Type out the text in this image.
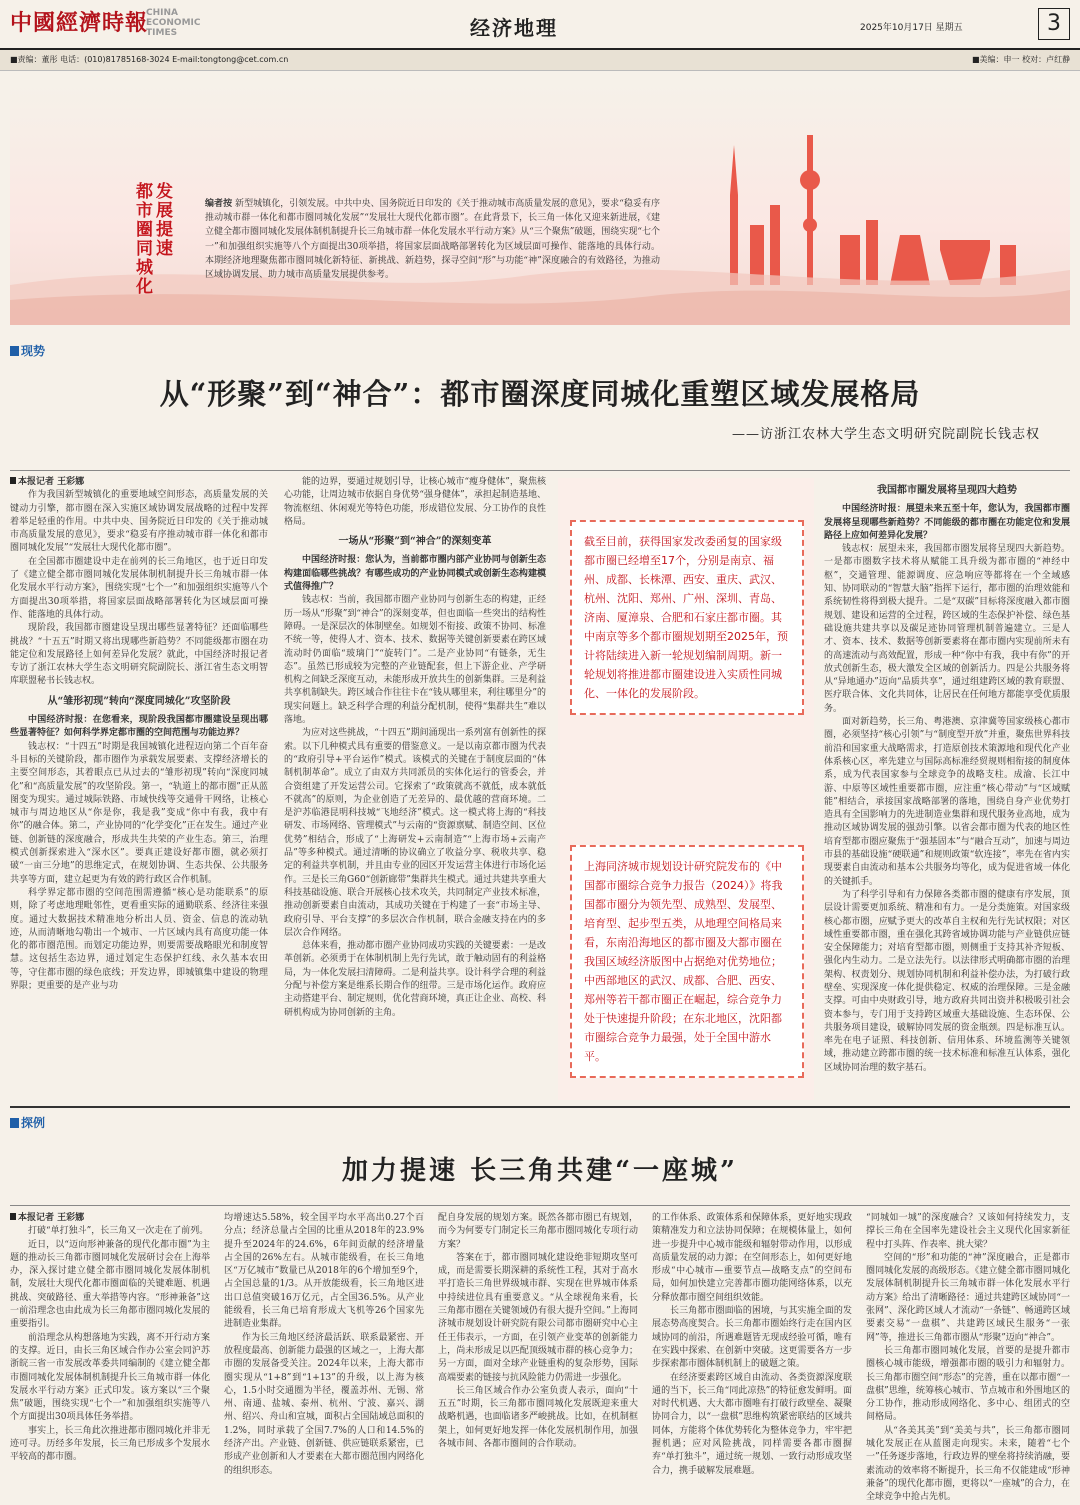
中國經濟時報
CHINA ECONOMIC TIMES	经济地理	2025年10月17日 星期五	3
■责编：董彤 电话：(010)81785168-3024 E-mail:tongtong@cet.com.cn	■美编：申一 校对：卢红静
发展提速
都市圈同城化	编者按 新型城镇化，引领发展。中共中央、国务院近日印发的《关于推动城市高质量发展的意见》，要求“稳妥有序推动城市群一体化和都市圈同城化发展”“发展壮大现代化都市圈”。在此背景下，长三角一体化又迎来新进展，《建立健全都市圈同城化发展体制机制提升长三角城市群一体化发展水平行动方案》从“三个聚焦”破题，围绕实现“七个一”和加强组织实施等八个方面提出30项举措，将国家层面战略部署转化为区域层面可操作、能落地的具体行动。本期经济地理聚焦都市圈同城化新特征、新挑战、新趋势，探寻空间“形”与功能“神”深度融合的有效路径，为推动区域协调发展、助力城市高质量发展提供参考。
现势
从“形聚”到“神合”：都市圈深度同城化重塑区域发展格局
——访浙江农林大学生态文明研究院副院长钱志权
本报记者 王彩娜

作为我国新型城镇化的重要地域空间形态，高质量发展的关键动力引擎，都市圈在深入实施区域协调发展战略的过程中发挥着举足轻重的作用。中共中央、国务院近日印发的《关于推动城市高质量发展的意见》，要求“稳妥有序推动城市群一体化和都市圈同城化发展”“发展壮大现代化都市圈”。

在全国都市圈建设中走在前列的长三角地区，也于近日印发了《建立健全都市圈同城化发展体制机制提升长三角城市群一体化发展水平行动方案》，围绕实现“七个一”和加强组织实施等八个方面提出30项举措，将国家层面战略部署转化为区域层面可操作、能落地的具体行动。

现阶段，我国都市圈建设呈现出哪些显著特征？还面临哪些挑战？“十五五”时期又将出现哪些新趋势？不同能级都市圈在功能定位和发展路径上如何差异化发展？就此，中国经济时报记者专访了浙江农林大学生态文明研究院副院长、浙江省生态文明智库联盟秘书长钱志权。

从“雏形初现”转向“深度同城化”攻坚阶段

中国经济时报：在您看来，现阶段我国都市圈建设呈现出哪些显著特征？如何科学界定都市圈的空间范围与功能边界？

钱志权：“十四五”时期是我国城镇化进程迈向第二个百年奋斗目标的关键阶段，都市圈作为承载发展要素、支撑经济增长的主要空间形态，其着眼点已从过去的“雏形初现”转向“深度同城化”和“高质量发展”的攻坚阶段。第一，“轨道上的都市圈”正从蓝图变为现实。通过城际铁路、市域快线等交通骨干网络，让核心城市与周边地区从“你是你，我是我”变成“你中有我，我中有你”的融合体。第二，产业协同的“化学变化”正在发生。通过产业链、创新链的深度融合，形成共生共荣的产业生态。第三，治理模式创新探索进入“深水区”。要真正建设好都市圈，就必须打破“一亩三分地”的思维定式，在规划协调、生态共保、公共服务共享等方面，建立起更为有效的跨行政区合作机制。

科学界定都市圈的空间范围需遵循“核心是功能联系”的原则，除了考虑地理毗邻性，更看重实际的通勤联系、经济往来强度。通过大数据技术精准地分析出人员、资金、信息的流动轨迹，从而清晰地勾勒出一个城市、一片区域内具有高度功能一体化的都市圈范围。而划定功能边界，则要需要战略眼光和制度智慧。这包括生态边界，通过划定生态保护红线、永久基本农田等，守住都市圈的绿色底线；开发边界，即城镇集中建设的物理界限；更重要的是产业与功

能的边界，要通过规划引导，让核心城市“瘦身健体”，聚焦核心功能，让周边城市依据自身优势“强身健体”，承担起制造基地、物流枢纽、休闲观光等特色功能，形成错位发展、分工协作的良性格局。

一场从“形聚”到“神合”的深刻变革

中国经济时报：您认为，当前都市圈内部产业协同与创新生态构建面临哪些挑战？有哪些成功的产业协同模式或创新生态构建模式值得推广？

钱志权：当前，我国都市圈产业协同与创新生态的构建，正经历一场从“形聚”到“神合”的深刻变革，但也面临一些突出的结构性障碍。一是深层次的体制壁垒。如规划不衔接、政策不协同、标准不统一等，使得人才、资本、技术、数据等关键创新要素在跨区域流动时仍面临“玻璃门”“旋转门”。二是产业协同“有链条，无生态”。虽然已形成较为完整的产业链配套，但上下游企业、产学研机构之间缺乏深度互动，未能形成开放共生的创新集群。三是利益共享机制缺失。跨区域合作往往卡在“钱从哪里来，利往哪里分”的现实问题上。缺乏科学合理的利益分配机制，使得“集群共生”难以落地。

为应对这些挑战，“十四五”期间涌现出一系列富有创新性的探索。以下几种模式具有重要的借鉴意义。一是以南京都市圈为代表的“政府引导+平台运作”模式。该模式的关键在于制度层面的“体制机制革命”。成立了由双方共同派员的实体化运行的管委会，并合资组建了开发运营公司。它探索了“政策就高不就低，成本就低不就高”的原则，为企业创造了无差异的、最优越的营商环境。二是沪苏临港昆明科技城“飞地经济”模式。这一模式将上海的“科技研发、市场网络、管理模式”与云南的“资源禀赋、制造空间、区位优势”相结合，形成了“上海研发+云南制造”“上海市场+云南产品”等多种模式。通过清晰的协议确立了收益分享、税收共享、稳定的利益共享机制，并且由专业的园区开发运营主体进行市场化运作。三是长三角G60“创新廊带”集群共生模式。通过共建共享重大科技基础设施、联合开展核心技术攻关，共同制定产业技术标准，推动创新要素自由流动，其成功关键在于构建了一套“市场主导、政府引导、平台支撑”的多层次合作机制，联合金融支持在内的多层次合作网络。

总体来看，推动都市圈产业协同成功实践的关键要素：一是改革创新。必须勇于在体制机制上先行先试，敢于触动固有的利益格局，为一体化发展扫清障碍。二是利益共享。设计科学合理的利益分配与补偿方案是维系长期合作的纽带。三是市场化运作。政府应主动搭建平台、制定规则，优化营商环境，真正让企业、高校、科研机构成为协同创新的主角。

截至目前，获得国家发改委函复的国家级都市圈已经增至17个，分别是南京、福州、成都、长株潭、西安、重庆、武汉、杭州、沈阳、郑州、广州、深圳、青岛、济南、厦漳泉、合肥和石家庄都市圈。其中南京等多个都市圈规划期至2025年，预计将陆续进入新一轮规划编制周期。新一轮规划将推进都市圈建设进入实质性同城化、一体化的发展阶段。
上海同济城市规划设计研究院发布的《中国都市圈综合竞争力报告（2024）》将我国都市圈分为领先型、成熟型、发展型、培育型、起步型五类，从地理空间格局来看，东南沿海地区的都市圈及大都市圈在我国区域经济版图中占据绝对优势地位；中西部地区的武汉、成都、合肥、西安、郑州等若干都市圈正在崛起，综合竞争力处于快速提升阶段；在东北地区，沈阳都市圈综合竞争力最强，处于全国中游水平。
我国都市圈发展将呈现四大趋势

中国经济时报：展望未来五至十年，您认为，我国都市圈发展将呈现哪些新趋势？不同能级的都市圈在功能定位和发展路径上应如何差异化发展？

钱志权：展望未来，我国都市圈发展将呈现四大新趋势。一是都市圈数字技术将从赋能工具升级为都市圈的“神经中枢”，交通管理、能源调度、应急响应等都将在一个全域感知、协同联动的“智慧大脑”指挥下运行，都市圈的治理效能和系统韧性将得到极大提升。二是“双碳”目标将深度融入都市圈规划、建设和运营的全过程，跨区域的生态保护补偿、绿色基础设施共建共享以及碳足迹协同管理机制普遍建立。三是人才、资本、技术、数据等创新要素将在都市圈内实现前所未有的高速流动与高效配置，形成一种“你中有我，我中有你”的开放式创新生态，极大激发全区域的创新活力。四是公共服务将从“异地通办”迈向“品质共享”，通过组建跨区域的教育联盟、医疗联合体、文化共同体，让居民在任何地方都能享受优质服务。

面对新趋势，长三角、粤港澳、京津冀等国家级核心都市圈，必须坚持“核心引领”与“制度型开放”并重，聚焦世界科技前沿和国家重大战略需求，打造原创技术策源地和现代化产业体系核心区，率先建立与国际高标准经贸规则相衔接的制度体系，成为代表国家参与全球竞争的战略支柱。成渝、长江中游、中原等区域性重要都市圈，应注重“核心带动”与“区域赋能”相结合，承接国家战略部署的落地，围绕自身产业优势打造具有全国影响力的先进制造业集群和现代服务业高地，成为推动区域协调发展的强劲引擎。以省会都市圈为代表的地区性培育型都市圈应聚焦于“强基固本”与“融合互动”，加速与周边市县的基础设施“硬联通”和规则政策“软连接”，率先在省内实现要素自由流动和基本公共服务均等化，成为促进省域一体化的关键抓手。

为了科学引导和有力保障各类都市圈的健康有序发展，顶层设计需要更加系统、精准和有力。一是分类施策。对国家级核心都市圈，应赋予更大的改革自主权和先行先试权限；对区域性重要都市圈，重在强化其跨省域协调功能与产业链供应链安全保障能力；对培育型都市圈，则侧重于支持其补齐短板、强化内生动力。二是立法先行。以法律形式明确都市圈的治理架构、权责划分、规划协同机制和利益补偿办法，为打破行政壁垒、实现深度一体化提供稳定、权威的治理保障。三是金融支撑。可由中央财政引导，地方政府共同出资并积极吸引社会资本参与，专门用于支持跨区域重大基础设施、生态环保、公共服务项目建设，破解协同发展的资金瓶颈。四是标准互认。率先在电子证照、科技创新、信用体系、环境监测等关键领域，推动建立跨都市圈的统一技术标准和标准互认体系，强化区域协同治理的数字基石。

探例
加力提速 长三角共建“一座城”
本报记者 王彩娜

打破“单打独斗”，长三角又一次走在了前列。

近日，以“迈向形神兼备的现代化都市圈”为主题的推动长三角都市圈同城化发展研讨会在上海举办，深入探讨建立健全都市圈同城化发展体制机制，发展壮大现代化都市圈面临的关键难题、机遇挑战、突破路径、重大举措等内容。“形神兼备”这一前沿理念也由此成为长三角都市圈同城化发展的重要指引。

前沿理念从构想落地为实践，离不开行动方案的支撑。近日，由长三角区域合作办公室会同沪苏浙皖三省一市发展改革委共同编制的《建立健全都市圈同城化发展体制机制提升长三角城市群一体化发展水平行动方案》正式印发。该方案以“三个聚焦”破题，围绕实现“七个一”和加强组织实施等八个方面提出30项具体任务举措。

事实上，长三角此次推进都市圈同城化并非无迹可寻。历经多年发展，长三角已形成多个发展水平较高的都市圈。

均增速达5.58%，较全国平均水平高出0.27个百分点；经济总量占全国的比重从2018年的23.9%提升至2024年的24.6%，6年间贡献的经济增量占全国的26%左右。从城市能级看，在长三角地区“万亿城市”数量已从2018年的6个增加至9个，占全国总量的1/3。从开放能级看，长三角地区进出口总值突破16万亿元，占全国36.5%。从产业能级看，长三角已培育形成大飞机等26个国家先进制造业集群。

作为长三角地区经济最活跃、联系最紧密、开放程度最高、创新能力最强的区域之一，上海大都市圈的发展备受关注。2024年以来，上海大都市圈实现从“1+8”到“1+13”的升级，以上海为核心，1.5小时交通圈为半径，覆盖苏州、无锡、常州、南通、盐城、泰州、杭州、宁波、嘉兴、湖州、绍兴、舟山和宣城，面积占全国陆域总面积的1.2%，同时承载了全国7.7%的人口和14.5%的经济产出。产业链、创新链、供应链联系紧密，已形成产业创新和人才要素在大都市圈范围内网络化的组织形态。

配自身发展的规划方案。既然各都市圈已有规划，而今为何要专门制定长三角都市圈同城化专项行动方案？

答案在于，都市圈同城化建设绝非短期攻坚可成，而是需要长期深耕的系统性工程，其对于高水平打造长三角世界级城市群、实现在世界城市体系中持续进位具有重要意义。“从全球视角来看，长三角都市圈在关键领域仍有很大提升空间。”上海同济城市规划设计研究院有限公司都市圈研究中心主任王伟表示，一方面，在引领产业变革的创新能力上，尚未形成足以匹配顶级城市群的核心竞争力；另一方面，面对全球产业链重构的复杂形势，国际高端要素的链接与抗风险能力仍需进一步强化。

长三角区域合作办公室负责人表示，面向“十五五”时期，长三角都市圈同城化发展既迎来重大战略机遇，也面临诸多严峻挑战。比如，在机制框架上，如何更好地发挥一体化发展机制作用，加强各城市间、各都市圈间的合作联动。

的工作体系、政策体系和保障体系，更好地实现政策精准发力和立法协同保障；在规模体量上，如何进一步提升中心城市能级和辐射带动作用，以形成高质量发展的动力源；在空间形态上，如何更好地形成“中心城市—重要节点—战略支点”的空间布局，如何加快建立完善都市圈功能网络体系，以充分释放都市圈空间组织效能。

长三角都市圈面临的困境，与其实施全面的发展态势高度契合。长三角都市圈始终行走在国内区域协同的前沿，所遇难题皆无现成经验可循，唯有在实践中探索、在创新中突破。这更需要各方一步步探索都市圈体制机制上的破题之策。

在经济要素跨区域自由流动、各类资源深度联通的当下，长三角“同此凉热”的特征愈发鲜明。面对时代机遇、大大都市圈唯有打破行政壁垒、凝聚协同合力，以“一盘棋”思维构筑紧密联结的区域共同体，方能将个体优势转化为整体竞争力，牢牢把握机遇；应对风险挑战，同样需要各都市圈摒弃“单打独斗”，通过统一规划、一致行动形成攻坚合力，携手破解发展难题。

“同城如一城”的深度融合？又该如何持续发力，支撑长三角在全国率先建设社会主义现代化国家新征程中打头阵、作表率、挑大梁？

空间的“形”和功能的“神”深度融合，正是都市圈同城化发展的高级形态。《建立健全都市圈同城化发展体制机制提升长三角城市群一体化发展水平行动方案》给出了清晰路径：通过共建跨区域协同“一张网”、深化跨区域人才流动“一条链”、畅通跨区域要素交易“一盘棋”、共建跨区域民生服务“一张网”等，推进长三角都市圈从“形聚”迈向“神合”。

长三角都市圈同城化发展，首要的是提升都市圈核心城市能级，增强都市圈的吸引力和辐射力。长三角都市圈空间“形态”的完善，重在以都市圈“一盘棋”思维，统筹核心城市、节点城市和外围地区的分工协作，推动形成网络化、多中心、组团式的空间格局。

从“各美其美”到“美美与共”，长三角都市圈同城化发展正在从蓝图走向现实。未来，随着“七个一”任务逐步落地，行政边界的壁垒将持续消融，要素流动的效率将不断提升，长三角不仅能建成“形神兼备”的现代化都市圈，更将以“一座城”的合力，在全球竞争中抢占先机。
